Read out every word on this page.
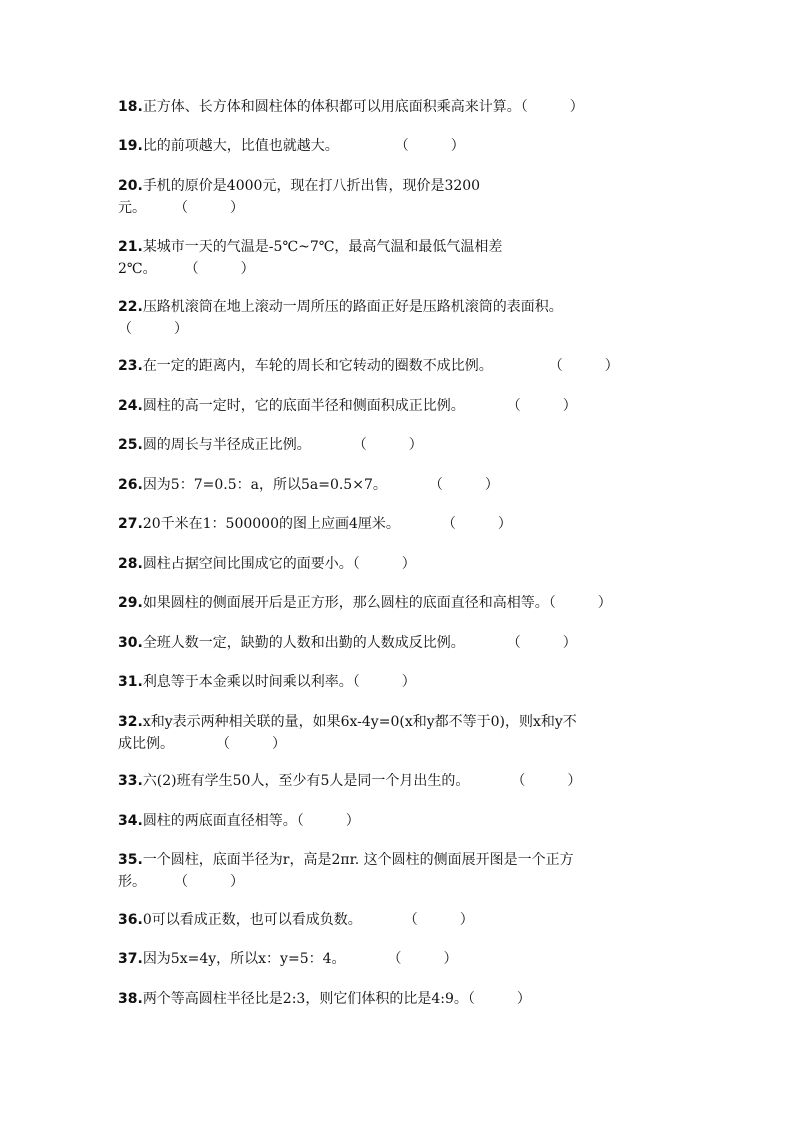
18.正方体、长方体和圆柱体的体积都可以用底面积乘高来计算。（　　　）
19.比的前项越大，比值也就越大。　　　　　（　　　）
20.手机的原价是4000元，现在打八折出售，现价是3200
元。　　　（　　　）
21.某城市一天的气温是-5℃~7℃，最高气温和最低气温相差
2℃。　　　（　　　）
22.压路机滚筒在地上滚动一周所压的路面正好是压路机滚筒的表面积。
（　　　）
23.在一定的距离内，车轮的周长和它转动的圈数不成比例。　　　　　（　　　）
24.圆柱的高一定时，它的底面半径和侧面积成正比例。　　　　（　　　）
25.圆的周长与半径成正比例。　　　　（　　　）
26.因为5：7=0.5：a，所以5a=0.5×7。　　　　（　　　）
27.20千米在1：500000的图上应画4厘米。　　　　（　　　）
28.圆柱占据空间比围成它的面要小。（　　　）
29.如果圆柱的侧面展开后是正方形，那么圆柱的底面直径和高相等。（　　　）
30.全班人数一定，缺勤的人数和出勤的人数成反比例。　　　　（　　　）
31.利息等于本金乘以时间乘以利率。（　　　）
32.x和y表示两种相关联的量，如果6x-4y=0(x和y都不等于0)，则x和y不
成比例。　　　　（　　　）
33.六(2)班有学生50人，至少有5人是同一个月出生的。　　　　（　　　）
34.圆柱的两底面直径相等。（　　　）
35.一个圆柱，底面半径为r，高是2πr. 这个圆柱的侧面展开图是一个正方
形。　　　（　　　）
36.0可以看成正数，也可以看成负数。　　　　（　　　）
37.因为5x=4y，所以x：y=5：4。　　　　（　　　）
38.两个等高圆柱半径比是2:3，则它们体积的比是4:9。（　　　）
